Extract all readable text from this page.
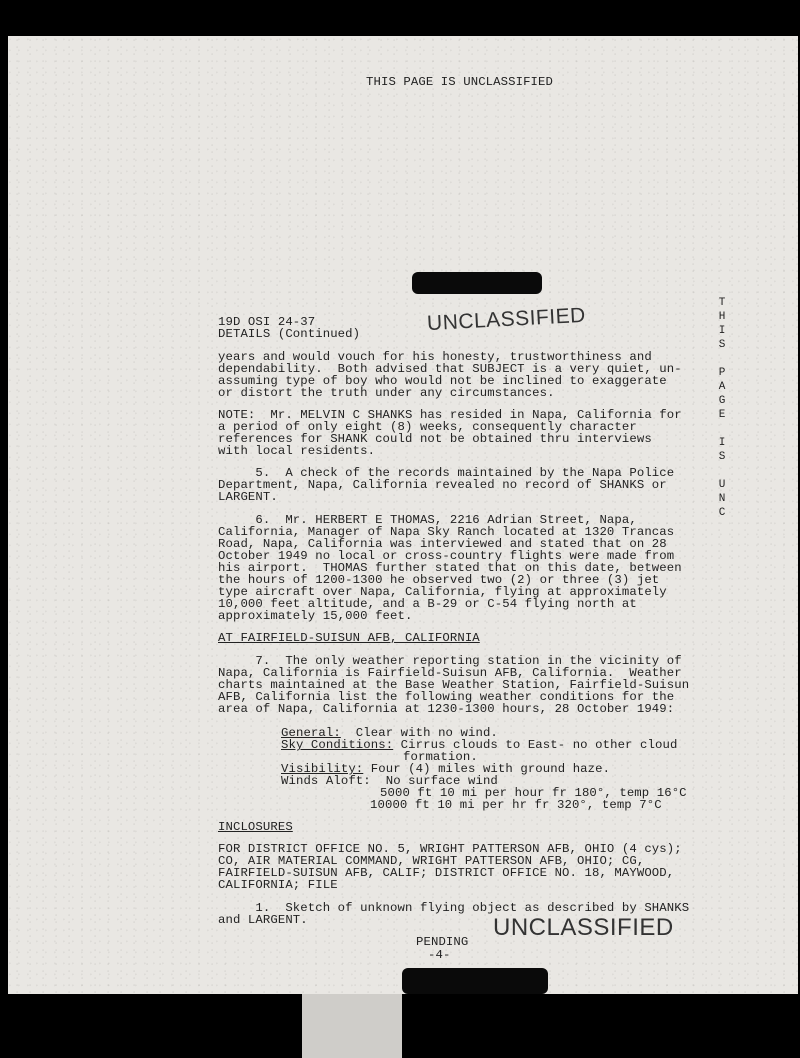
THIS PAGE IS UNCLASSIFIED
UNCLASSIFIED
19D OSI 24-37
DETAILS (Continued)
years and would vouch for his honesty, trustworthiness and
dependability.  Both advised that SUBJECT is a very quiet, un-
assuming type of boy who would not be inclined to exaggerate
or distort the truth under any circumstances.
NOTE:  Mr. MELVIN C SHANKS has resided in Napa, California for
a period of only eight (8) weeks, consequently character
references for SHANK could not be obtained thru interviews
with local residents.
5.  A check of the records maintained by the Napa Police
Department, Napa, California revealed no record of SHANKS or
LARGENT.
6.  Mr. HERBERT E THOMAS, 2216 Adrian Street, Napa,
California, Manager of Napa Sky Ranch located at 1320 Trancas
Road, Napa, California was interviewed and stated that on 28
October 1949 no local or cross-country flights were made from
his airport.  THOMAS further stated that on this date, between
the hours of 1200-1300 he observed two (2) or three (3) jet
type aircraft over Napa, California, flying at approximately
10,000 feet altitude, and a B-29 or C-54 flying north at
approximately 15,000 feet.
AT FAIRFIELD-SUISUN AFB, CALIFORNIA
7.  The only weather reporting station in the vicinity of
Napa, California is Fairfield-Suisun AFB, California.  Weather
charts maintained at the Base Weather Station, Fairfield-Suisun
AFB, California list the following weather conditions for the
area of Napa, California at 1230-1300 hours, 28 October 1949:
General:  Clear with no wind.
Sky Conditions: Cirrus clouds to East- no other cloud
formation.
Visibility: Four (4) miles with ground haze.
Winds Aloft:  No surface wind
5000 ft 10 mi per hour fr 180°, temp 16°C
10000 ft 10 mi per hr fr 320°, temp 7°C
INCLOSURES
FOR DISTRICT OFFICE NO. 5, WRIGHT PATTERSON AFB, OHIO (4 cys);
CO, AIR MATERIAL COMMAND, WRIGHT PATTERSON AFB, OHIO; CG,
FAIRFIELD-SUISUN AFB, CALIF; DISTRICT OFFICE NO. 18, MAYWOOD,
CALIFORNIA; FILE
1.  Sketch of unknown flying object as described by SHANKS
and LARGENT.	UNCLASSIFIED
PENDING
-4-
T
H
I
S
P
A
G
E
I
S
U
N
C
